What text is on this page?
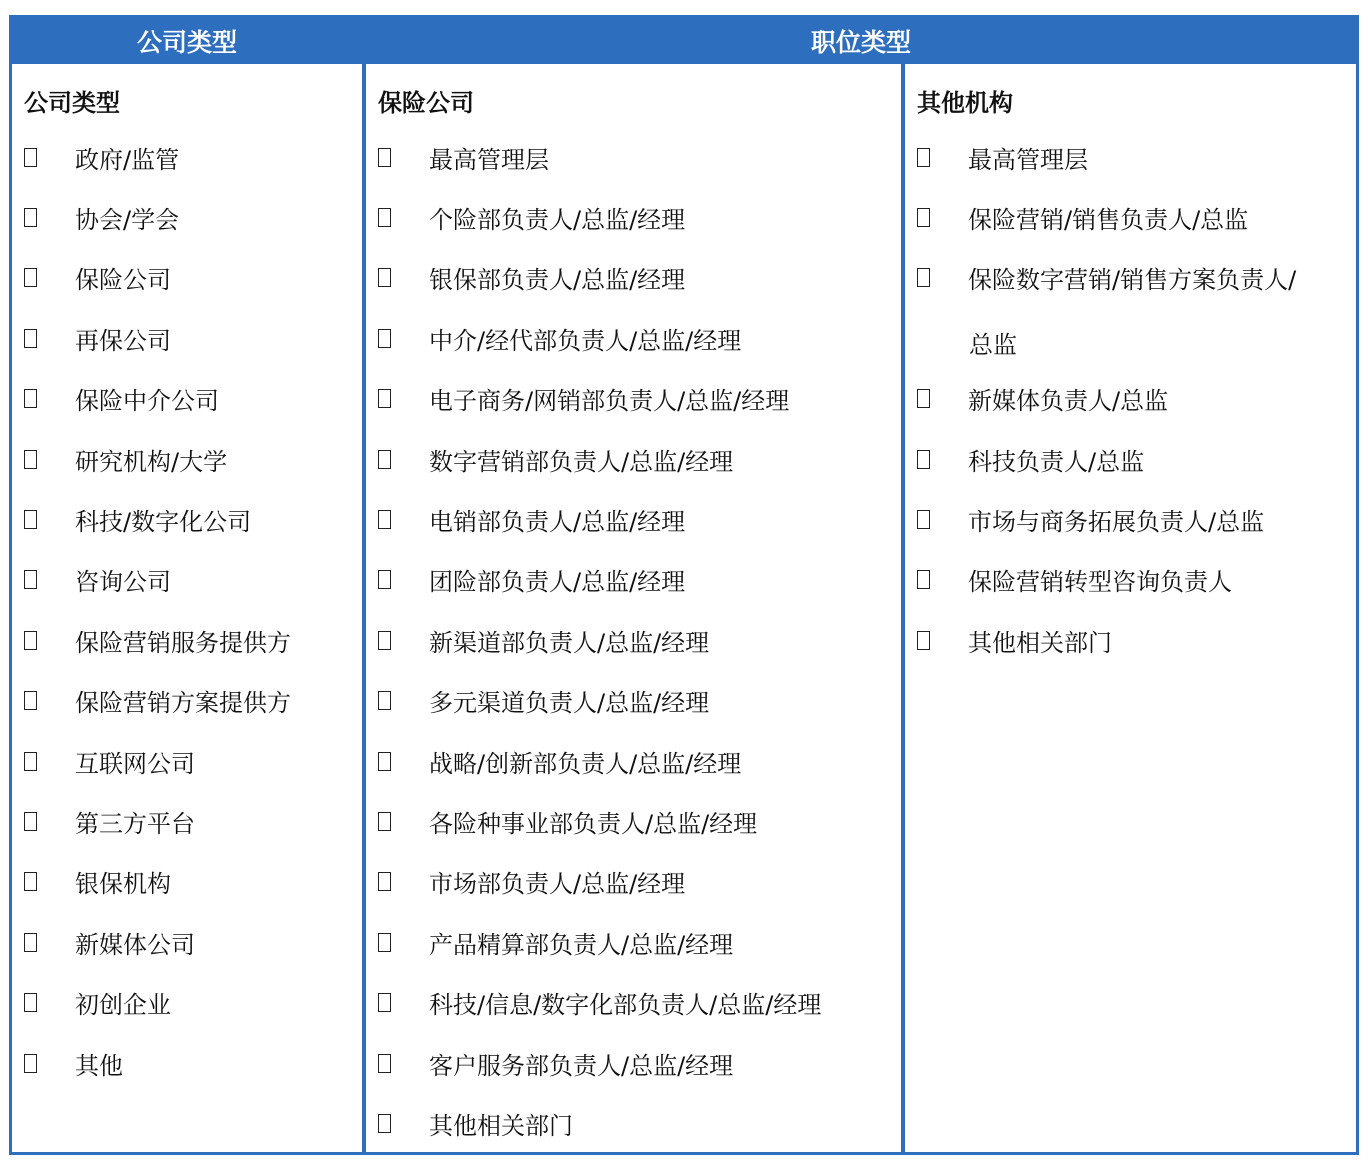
公司类型	职位类型
公司类型
政府/监管
协会/学会
保险公司
再保公司
保险中介公司
研究机构/大学
科技/数字化公司
咨询公司
保险营销服务提供方
保险营销方案提供方
互联网公司
第三方平台
银保机构
新媒体公司
初创企业
其他
保险公司
最高管理层
个险部负责人/总监/经理
银保部负责人/总监/经理
中介/经代部负责人/总监/经理
电子商务/网销部负责人/总监/经理
数字营销部负责人/总监/经理
电销部负责人/总监/经理
团险部负责人/总监/经理
新渠道部负责人/总监/经理
多元渠道负责人/总监/经理
战略/创新部负责人/总监/经理
各险种事业部负责人/总监/经理
市场部负责人/总监/经理
产品精算部负责人/总监/经理
科技/信息/数字化部负责人/总监/经理
客户服务部负责人/总监/经理
其他相关部门
其他机构
最高管理层
保险营销/销售负责人/总监
保险数字营销/销售方案负责人/
总监
新媒体负责人/总监
科技负责人/总监
市场与商务拓展负责人/总监
保险营销转型咨询负责人
其他相关部门
